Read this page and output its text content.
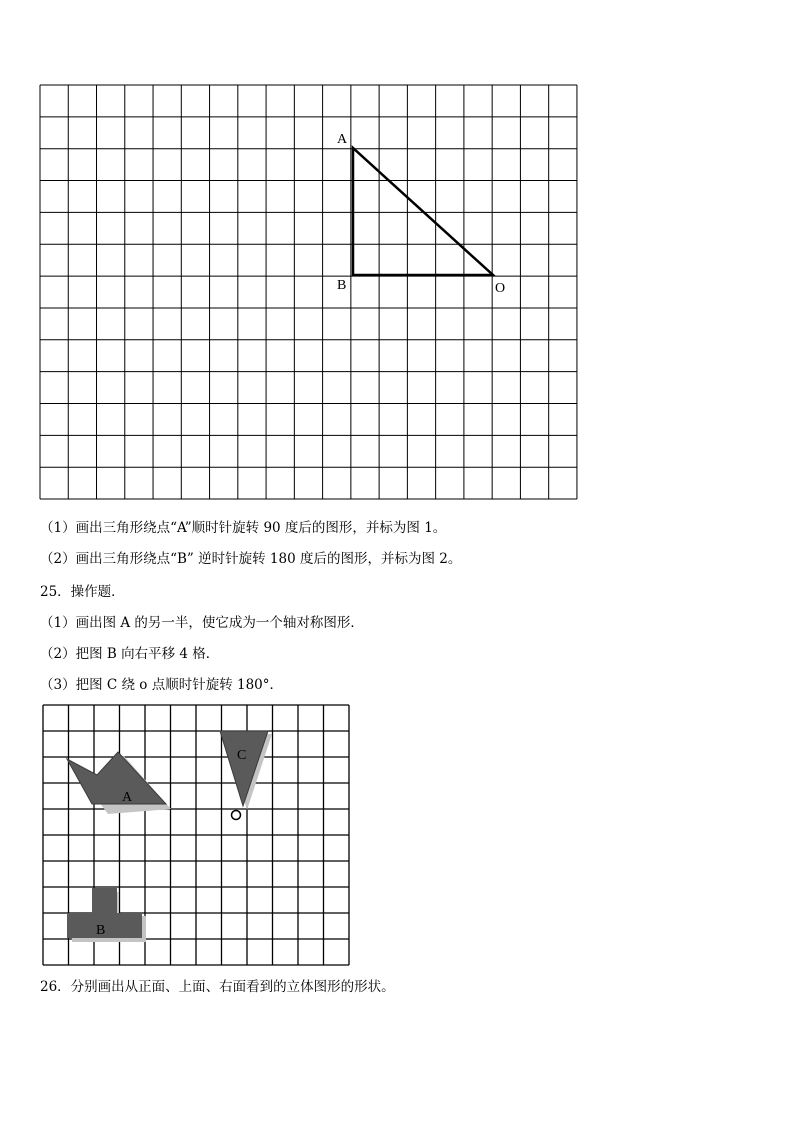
A
B	O
（1）画出三角形绕点“A”顺时针旋转 90 度后的图形，并标为图 1。
（2）画出三角形绕点“B” 逆时针旋转 180 度后的图形，并标为图 2。
25．操作题．
（1）画出图 A 的另一半，使它成为一个轴对称图形．
（2）把图 B 向右平移 4 格．
（3）把图 C 绕 o 点顺时针旋转 180°．
A
C
B
26．分别画出从正面、上面、右面看到的立体图形的形状。
